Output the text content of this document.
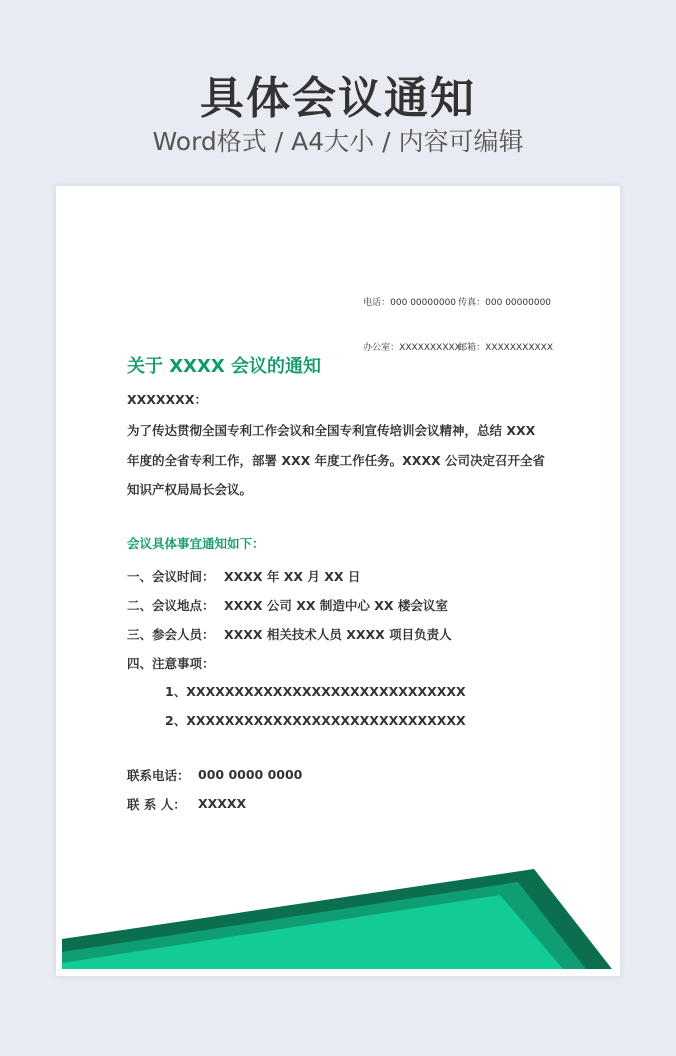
具体会议通知
Word格式 / A4大小 / 内容可编辑

电话：000 00000000 传真：000 00000000

办公室：XXXXXXXXXX
邮箱：XXXXXXXXXXX

关于 XXXX 会议的通知
XXXXXXX：
为了传达贯彻全国专利工作会议和全国专利宣传培训会议精神，总结 XXX
年度的全省专利工作，部署 XXX 年度工作任务。XXXX 公司决定召开全省
知识产权局局长会议。
会议具体事宜通知如下：
一、会议时间： XXXX 年 XX 月 XX 日
二、会议地点： XXXX 公司 XX 制造中心 XX 楼会议室
三、参会人员： XXXX 相关技术人员 XXXX 项目负责人
四、注意事项：
1、XXXXXXXXXXXXXXXXXXXXXXXXXXXXX
2、XXXXXXXXXXXXXXXXXXXXXXXXXXXXX
联系电话： 000 0000 0000
联 系 人： XXXXX
